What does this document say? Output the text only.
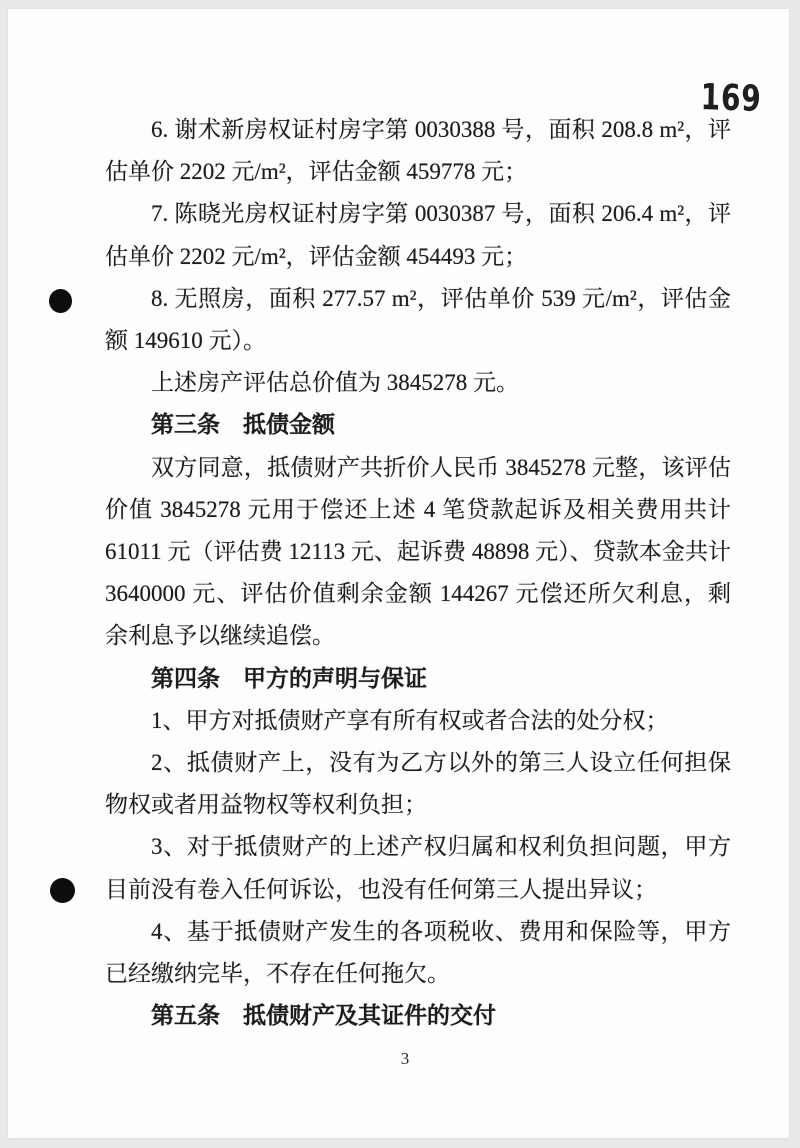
169

6. 谢术新房权证村房字第 0030388 号，面积 208.8 m²，评估单价 2202 元/m²，评估金额 459778 元；

7. 陈晓光房权证村房字第 0030387 号，面积 206.4 m²，评估单价 2202 元/m²，评估金额 454493 元；

8. 无照房，面积 277.57 m²，评估单价 539 元/m²，评估金额 149610 元）。

上述房产评估总价值为 3845278 元。

第三条　抵债金额

双方同意，抵债财产共折价人民币 3845278 元整，该评估价值 3845278 元用于偿还上述 4 笔贷款起诉及相关费用共计 61011 元（评估费 12113 元、起诉费 48898 元）、贷款本金共计 3640000 元、评估价值剩余金额 144267 元偿还所欠利息，剩余利息予以继续追偿。

第四条　甲方的声明与保证

1、甲方对抵债财产享有所有权或者合法的处分权；

2、抵债财产上，没有为乙方以外的第三人设立任何担保物权或者用益物权等权利负担；

3、对于抵债财产的上述产权归属和权利负担问题，甲方目前没有卷入任何诉讼，也没有任何第三人提出异议；

4、基于抵债财产发生的各项税收、费用和保险等，甲方已经缴纳完毕，不存在任何拖欠。

第五条　抵债财产及其证件的交付

3
